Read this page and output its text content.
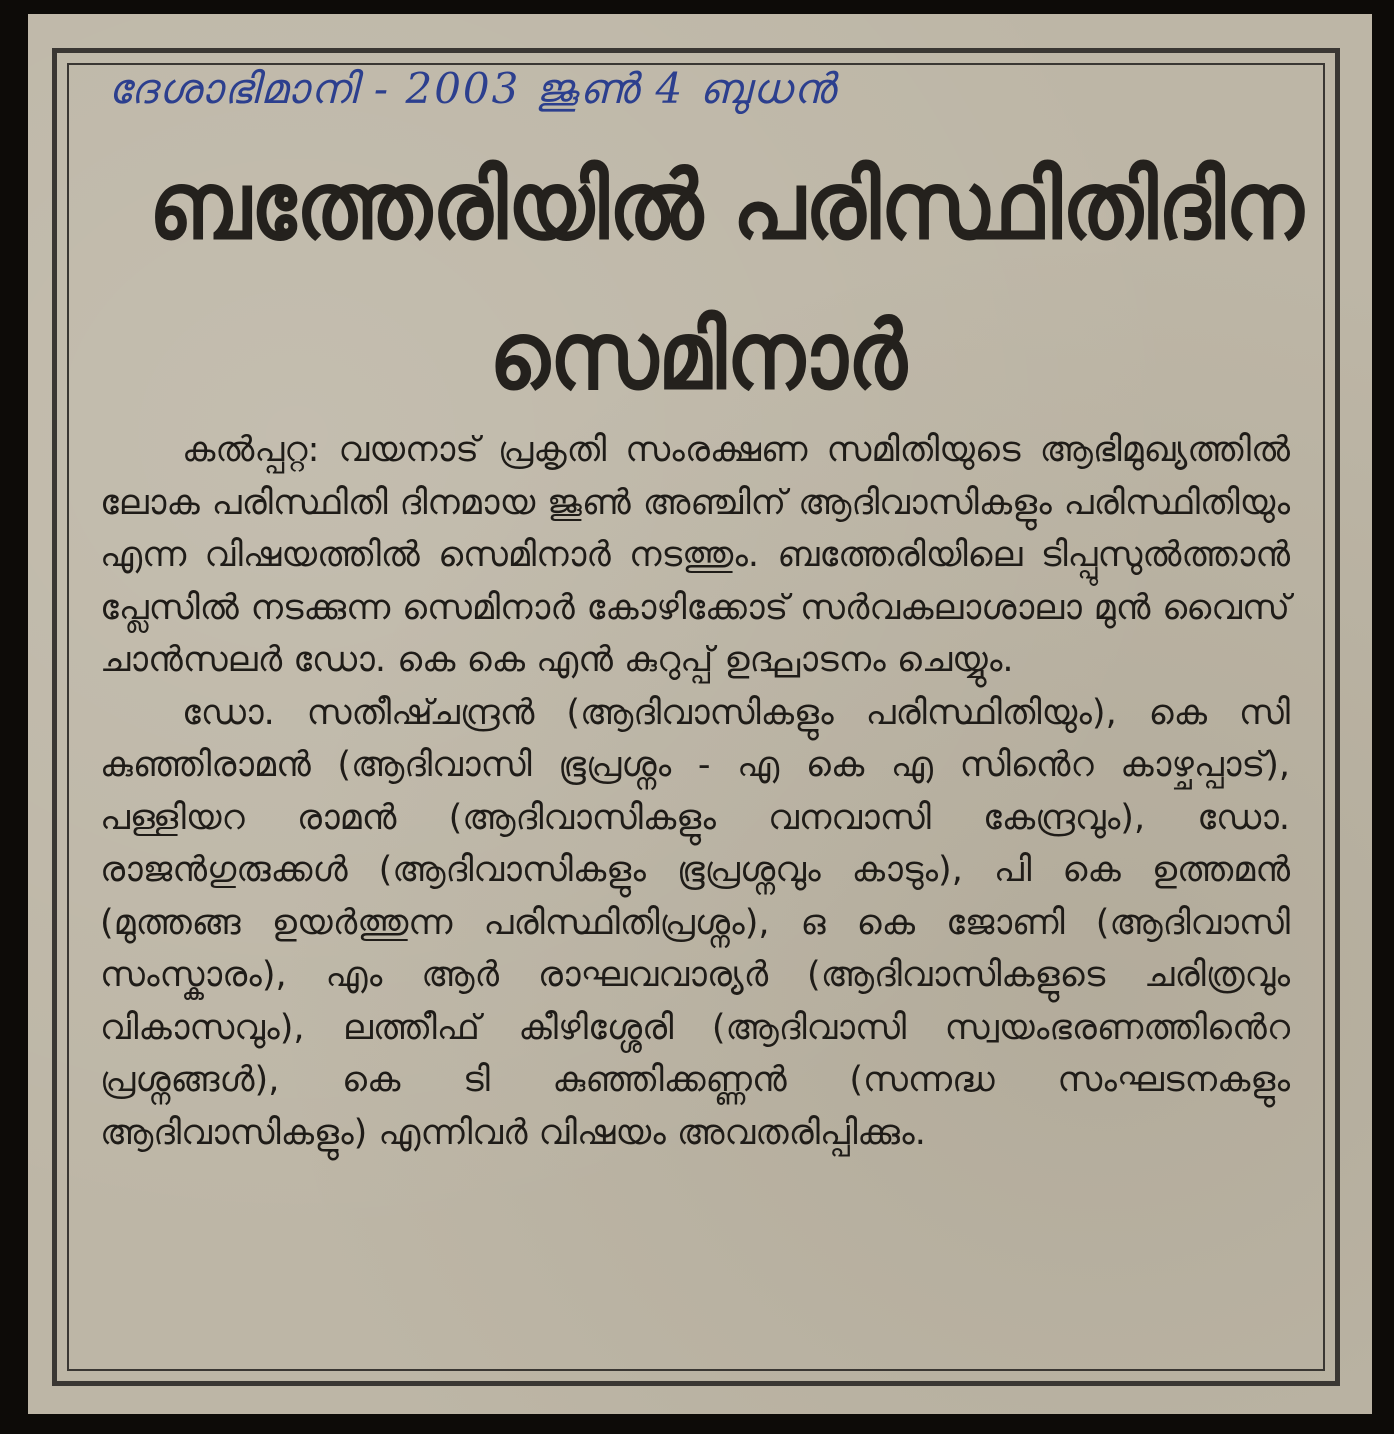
ദേശാഭിമാനി - 2003 ജൂൺ 4 ബുധൻ
ബത്തേരിയിൽ പരിസ്ഥിതിദിന
സെമിനാർ

കൽപ്പറ്റ: വയനാട് പ്രകൃതി സംരക്ഷണ സമിതിയുടെ ആഭിമുഖ്യത്തിൽ ലോക പരിസ്ഥിതി ദിനമായ ജൂൺ അഞ്ചിന് ആദിവാസികളും പരിസ്ഥിതിയും എന്ന വിഷയത്തിൽ സെമിനാർ നടത്തും. ബത്തേരിയിലെ ടിപ്പുസുൽത്താൻ പ്ലേസിൽ നടക്കുന്ന സെമിനാർ കോഴിക്കോട് സർവകലാശാലാ മുൻ വൈസ് ചാൻസലർ ഡോ. കെ കെ എൻ കുറുപ്പ് ഉദ്ഘാടനം ചെയ്യും.

ഡോ. സതീഷ്ചന്ദ്രൻ (ആദിവാസികളും പരിസ്ഥിതിയും), കെ സി കുഞ്ഞിരാമൻ (ആദിവാസി ഭൂപ്രശ്നം - എ കെ എ സിൻെറ കാഴ്ചപ്പാട്), പള്ളിയറ രാമൻ (ആദിവാസികളും വനവാസി കേന്ദ്രവും), ഡോ. രാജൻഗുരുക്കൾ (ആദിവാസികളും ഭൂപ്രശ്നവും കാടും), പി കെ ഉത്തമൻ (മുത്തങ്ങ ഉയർത്തുന്ന പരിസ്ഥിതിപ്രശ്നം), ഒ കെ ജോണി (ആദിവാസി സംസ്കാരം), എം ആർ രാഘവവാര്യർ (ആദിവാസികളുടെ ചരിത്രവും വികാസവും), ലത്തീഫ് കീഴിശ്ശേരി (ആദിവാസി സ്വയംഭരണത്തിൻെറ പ്രശ്നങ്ങൾ), കെ ടി കുഞ്ഞിക്കണ്ണൻ (സന്നദ്ധ സംഘടനകളും ആദിവാസികളും) എന്നിവർ വിഷയം അവതരിപ്പിക്കും.
